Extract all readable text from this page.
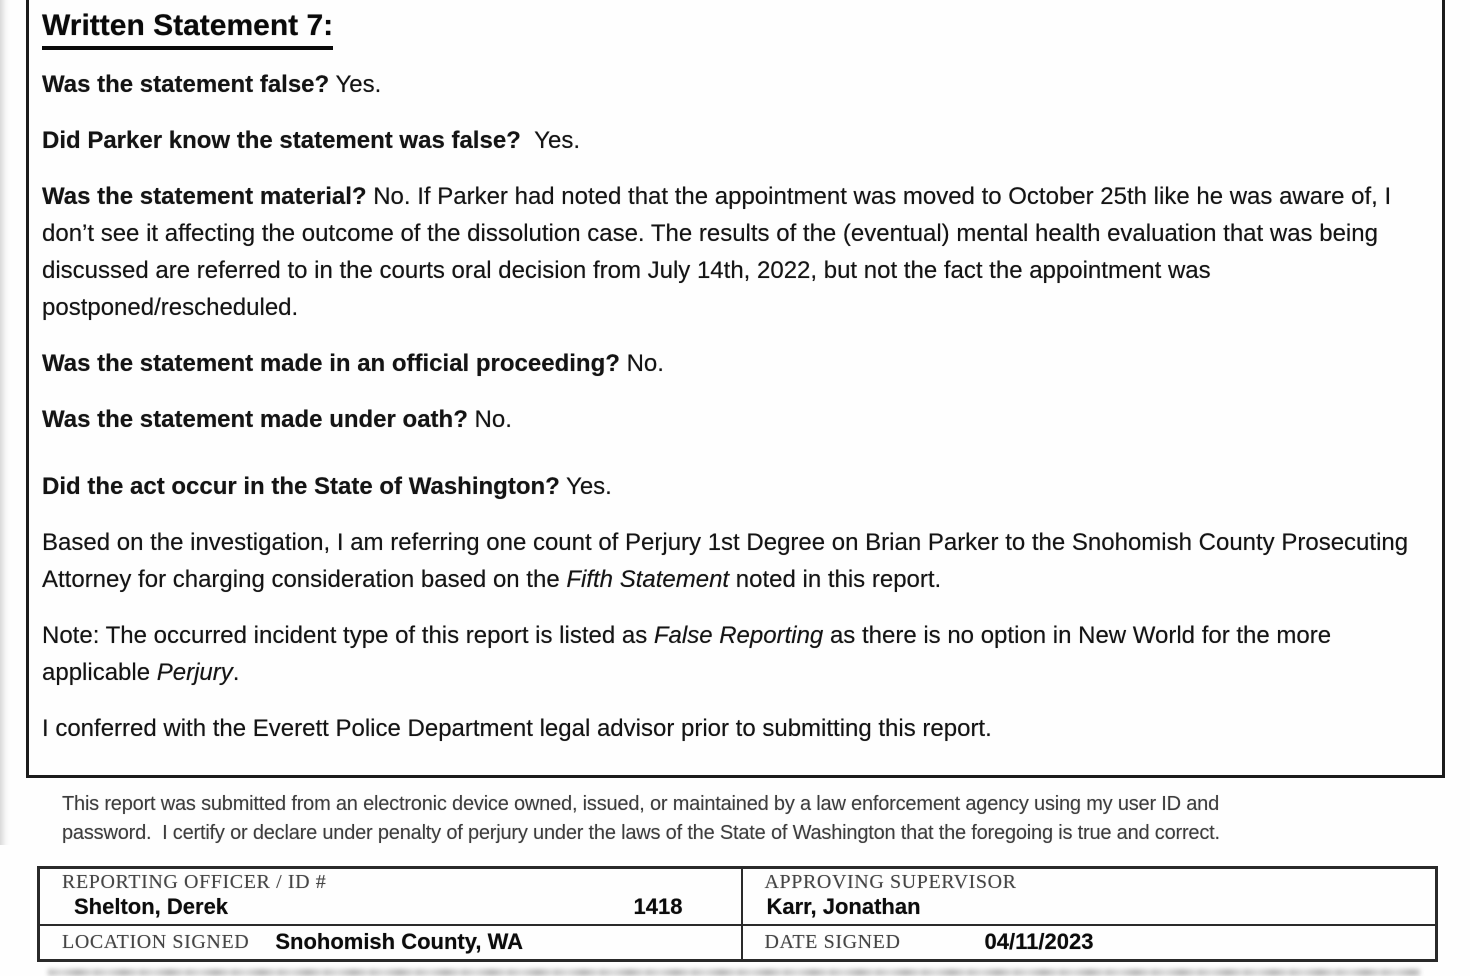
Written Statement 7:

Was the statement false? Yes.

Did Parker know the statement was false?  Yes.

Was the statement material? No. If Parker had noted that the appointment was moved to October 25th like he was aware of, I don’t see it affecting the outcome of the dissolution case. The results of the (eventual) mental health evaluation that was being discussed are referred to in the courts oral decision from July 14th, 2022, but not the fact the appointment was postponed/rescheduled.

Was the statement made in an official proceeding? No.

Was the statement made under oath? No.

Did the act occur in the State of Washington? Yes.

Based on the investigation, I am referring one count of Perjury 1st Degree on Brian Parker to the Snohomish County Prosecuting Attorney for charging consideration based on the Fifth Statement noted in this report.

Note: The occurred incident type of this report is listed as False Reporting as there is no option in New World for the more applicable Perjury.

I conferred with the Everett Police Department legal advisor prior to submitting this report.

This report was submitted from an electronic device owned, issued, or maintained by a law enforcement agency using my user ID and
password.  I certify or declare under penalty of perjury under the laws of the State of Washington that the foregoing is true and correct.
REPORTING OFFICER / ID #
Shelton, Derek	1418

APPROVING SUPERVISOR
Karr, Jonathan

LOCATION SIGNED Snohomish County, WA	DATE SIGNED 04/11/2023
